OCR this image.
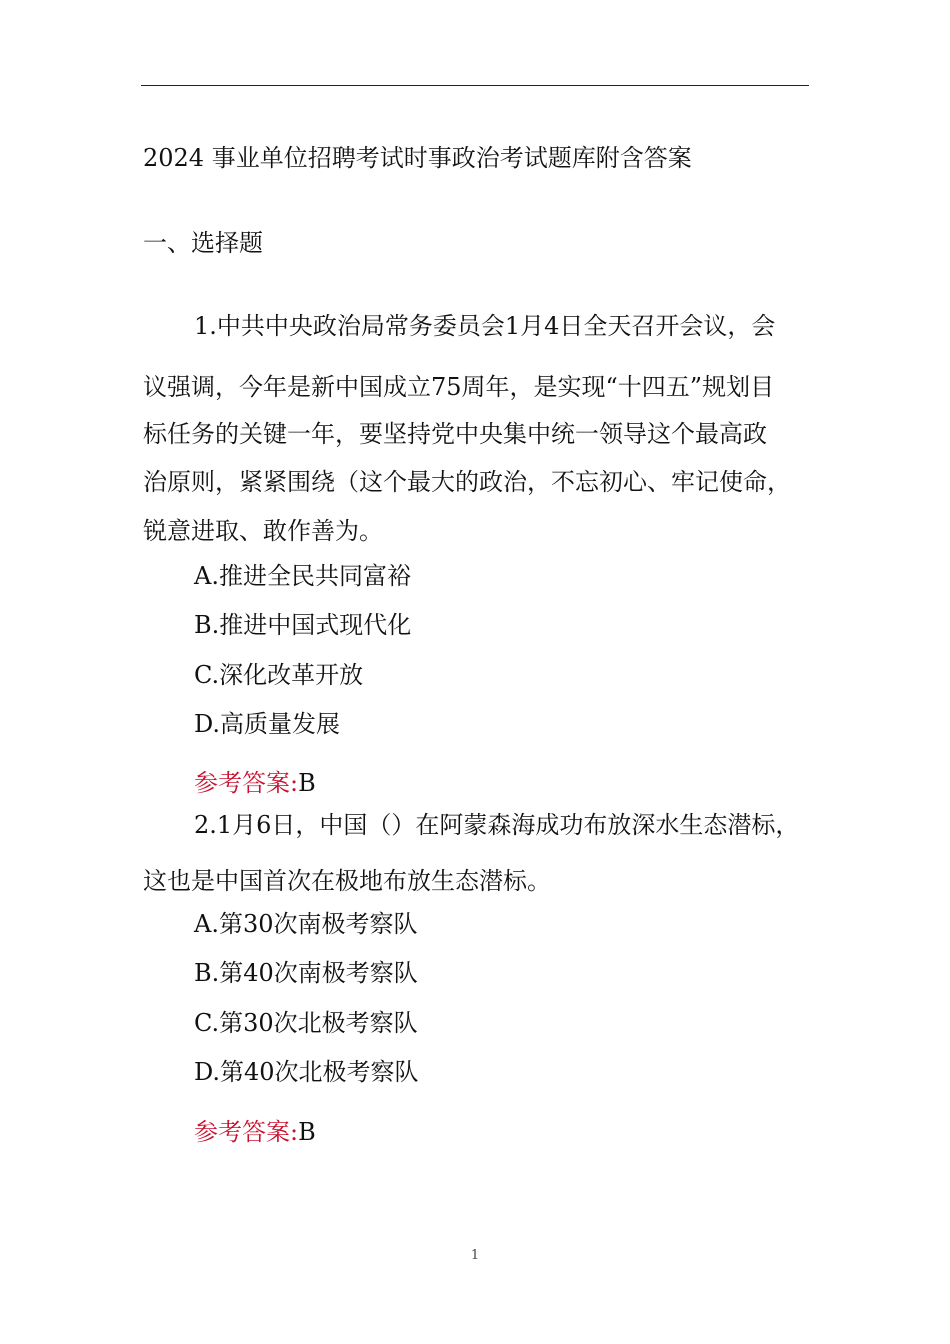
2024 事业单位招聘考试时事政治考试题库附含答案
一、选择题
1.中共中央政治局常务委员会1月4日全天召开会议，会
议强调，今年是新中国成立75周年，是实现“十四五”规划目
标任务的关键一年，要坚持党中央集中统一领导这个最高政
治原则，紧紧围绕（这个最大的政治，不忘初心、牢记使命，
锐意进取、敢作善为。
A.推进全民共同富裕
B.推进中国式现代化
C.深化改革开放
D.高质量发展
参考答案:B
2.1月6日，中国（）在阿蒙森海成功布放深水生态潜标，
这也是中国首次在极地布放生态潜标。
A.第30次南极考察队
B.第40次南极考察队
C.第30次北极考察队
D.第40次北极考察队
参考答案:B
1
